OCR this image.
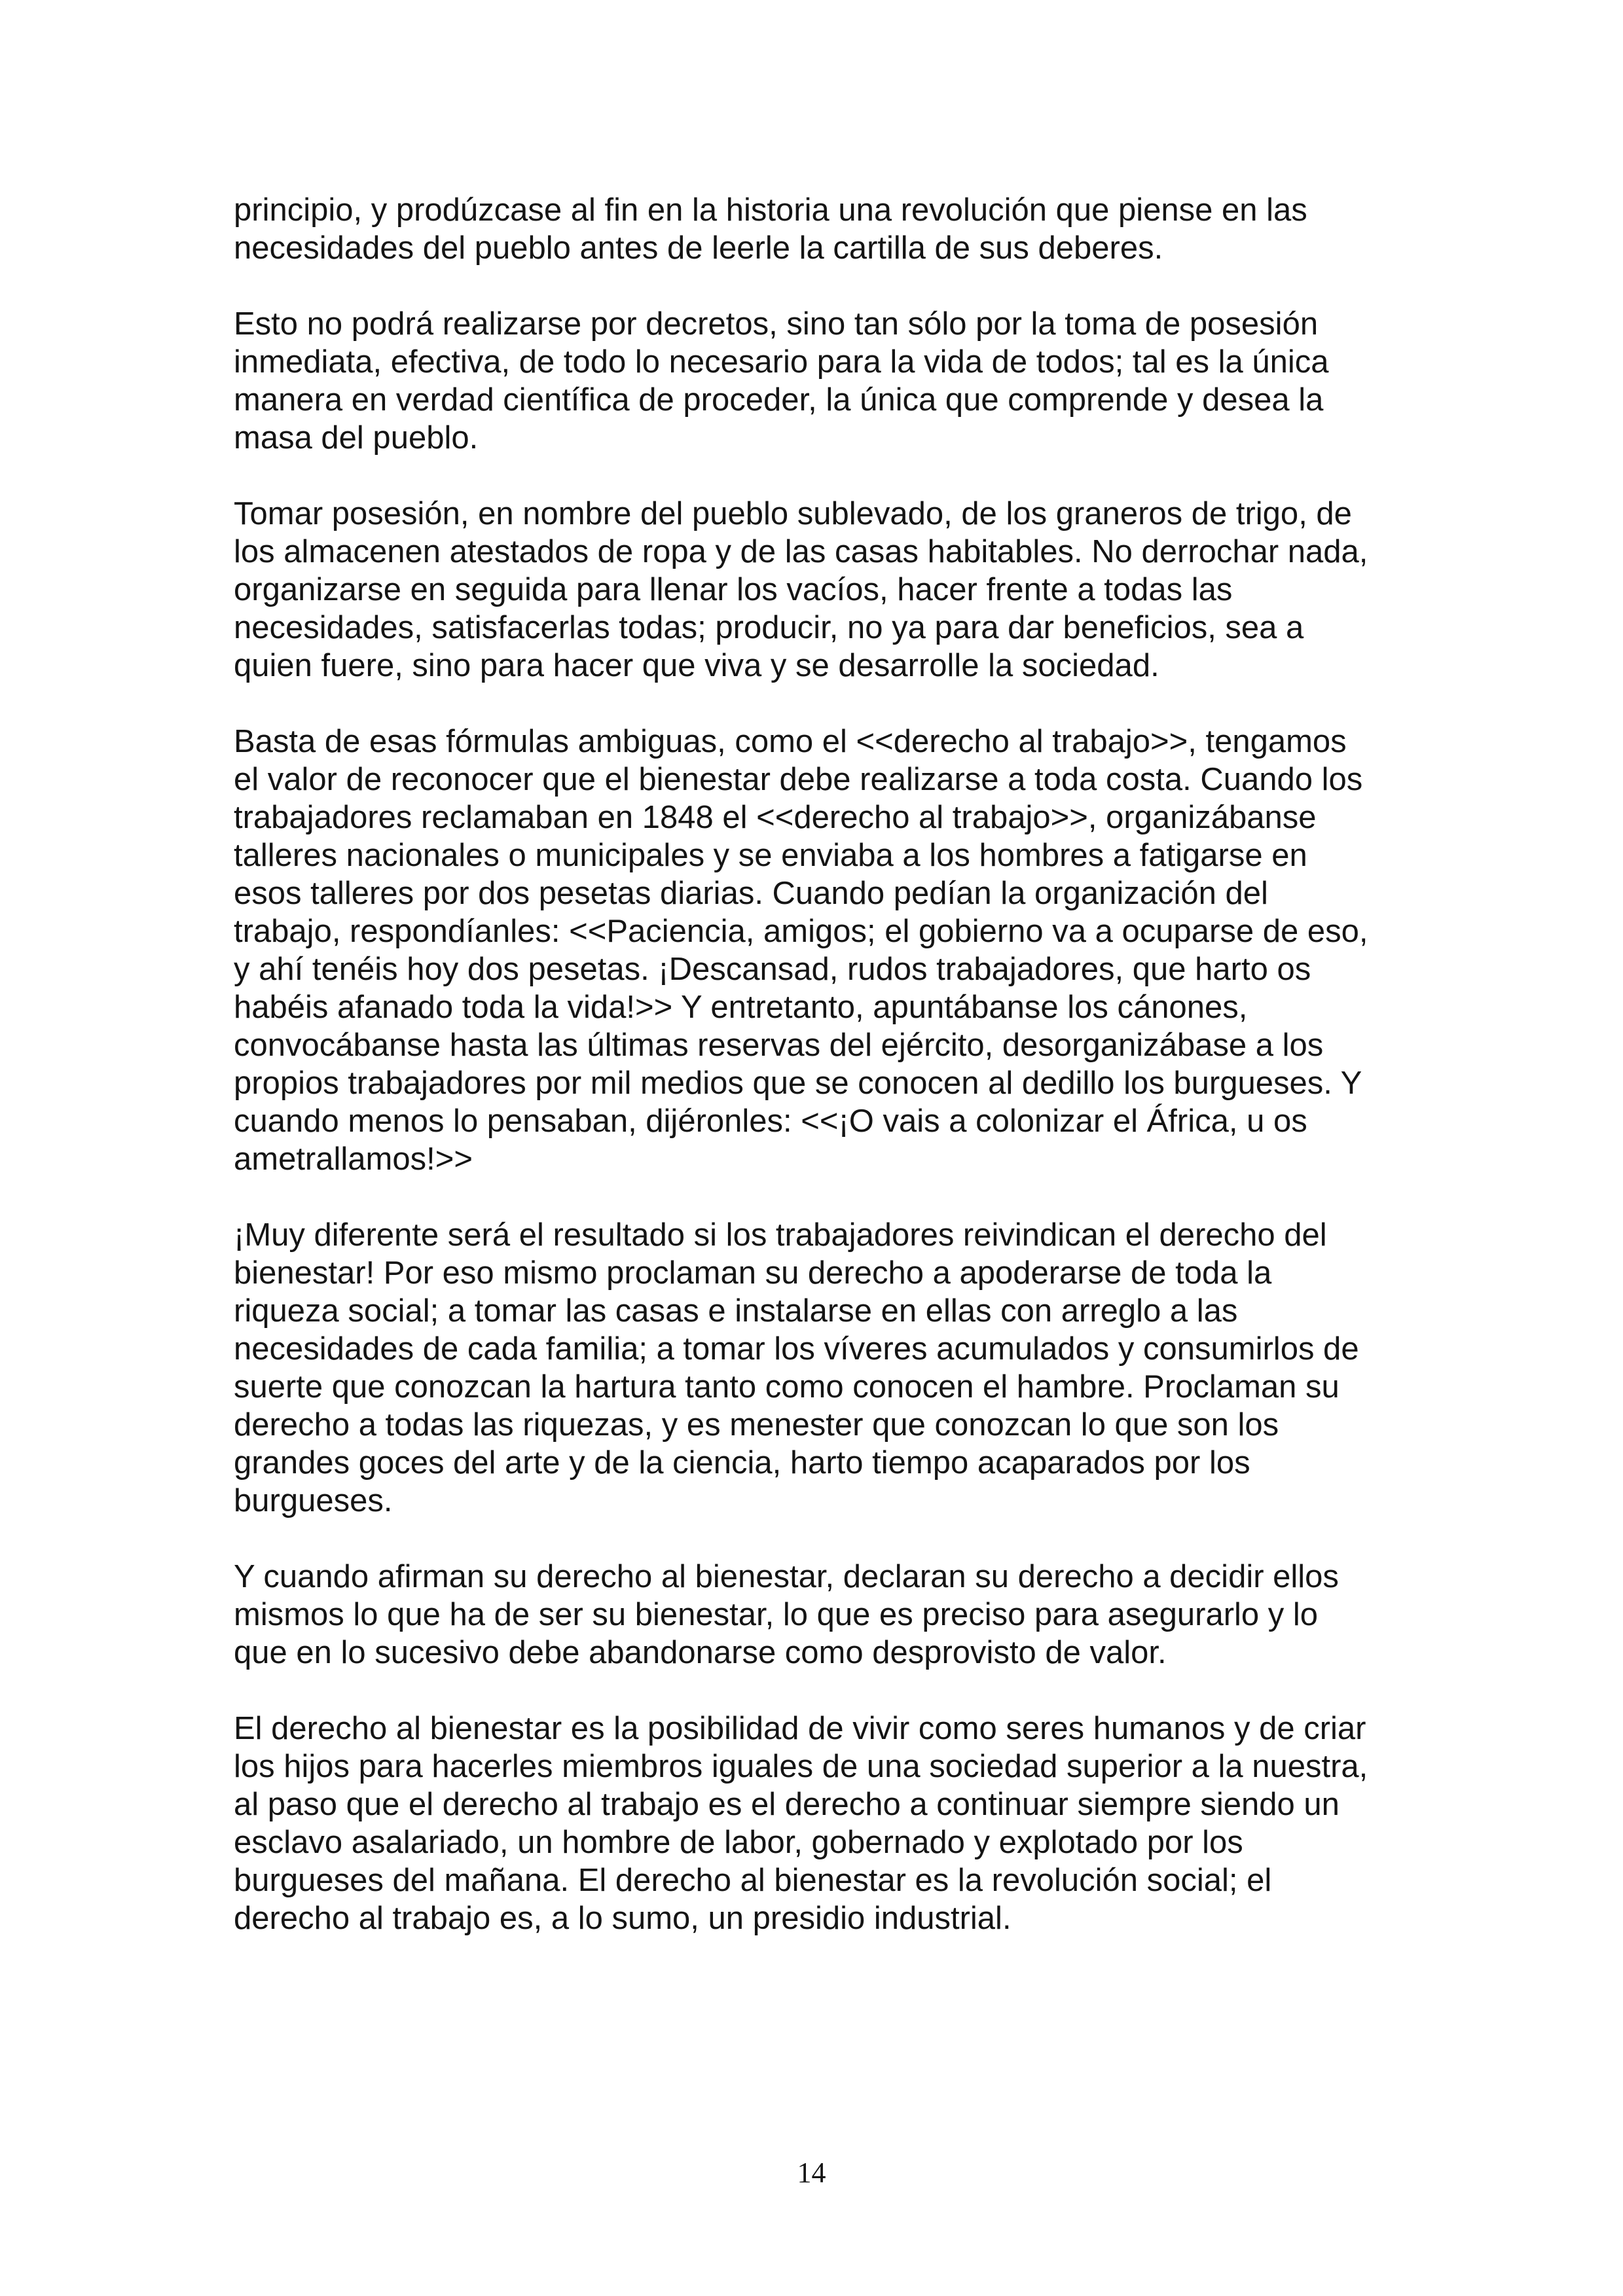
principio, y prodúzcase al fin en la historia una revolución que piense en las
necesidades del pueblo antes de leerle la cartilla de sus deberes.

Esto no podrá realizarse por decretos, sino tan sólo por la toma de posesión
inmediata, efectiva, de todo lo necesario para la vida de todos; tal es la única
manera en verdad científica de proceder, la única que comprende y desea la
masa del pueblo.

Tomar posesión, en nombre del pueblo sublevado, de los graneros de trigo, de
los almacenen atestados de ropa y de las casas habitables. No derrochar nada,
organizarse en seguida para llenar los vacíos, hacer frente a todas las
necesidades, satisfacerlas todas; producir, no ya para dar beneficios, sea a
quien fuere, sino para hacer que viva y se desarrolle la sociedad.

Basta de esas fórmulas ambiguas, como el <<derecho al trabajo>>, tengamos
el valor de reconocer que el bienestar debe realizarse a toda costa. Cuando los
trabajadores reclamaban en 1848 el <<derecho al trabajo>>, organizábanse
talleres nacionales o municipales y se enviaba a los hombres a fatigarse en
esos talleres por dos pesetas diarias. Cuando pedían la organización del
trabajo, respondíanles: <<Paciencia, amigos; el gobierno va a ocuparse de eso,
y ahí tenéis hoy dos pesetas. ¡Descansad, rudos trabajadores, que harto os
habéis afanado toda la vida!>> Y entretanto, apuntábanse los cánones,
convocábanse hasta las últimas reservas del ejército, desorganizábase a los
propios trabajadores por mil medios que se conocen al dedillo los burgueses. Y
cuando menos lo pensaban, dijéronles: <<¡O vais a colonizar el África, u os
ametrallamos!>>

¡Muy diferente será el resultado si los trabajadores reivindican el derecho del
bienestar! Por eso mismo proclaman su derecho a apoderarse de toda la
riqueza social; a tomar las casas e instalarse en ellas con arreglo a las
necesidades de cada familia; a tomar los víveres acumulados y consumirlos de
suerte que conozcan la hartura tanto como conocen el hambre. Proclaman su
derecho a todas las riquezas, y es menester que conozcan lo que son los
grandes goces del arte y de la ciencia, harto tiempo acaparados por los
burgueses.

Y cuando afirman su derecho al bienestar, declaran su derecho a decidir ellos
mismos lo que ha de ser su bienestar, lo que es preciso para asegurarlo y lo
que en lo sucesivo debe abandonarse como desprovisto de valor.

El derecho al bienestar es la posibilidad de vivir como seres humanos y de criar
los hijos para hacerles miembros iguales de una sociedad superior a la nuestra,
al paso que el derecho al trabajo es el derecho a continuar siempre siendo un
esclavo asalariado, un hombre de labor, gobernado y explotado por los
burgueses del mañana. El derecho al bienestar es la revolución social; el
derecho al trabajo es, a lo sumo, un presidio industrial.

14
